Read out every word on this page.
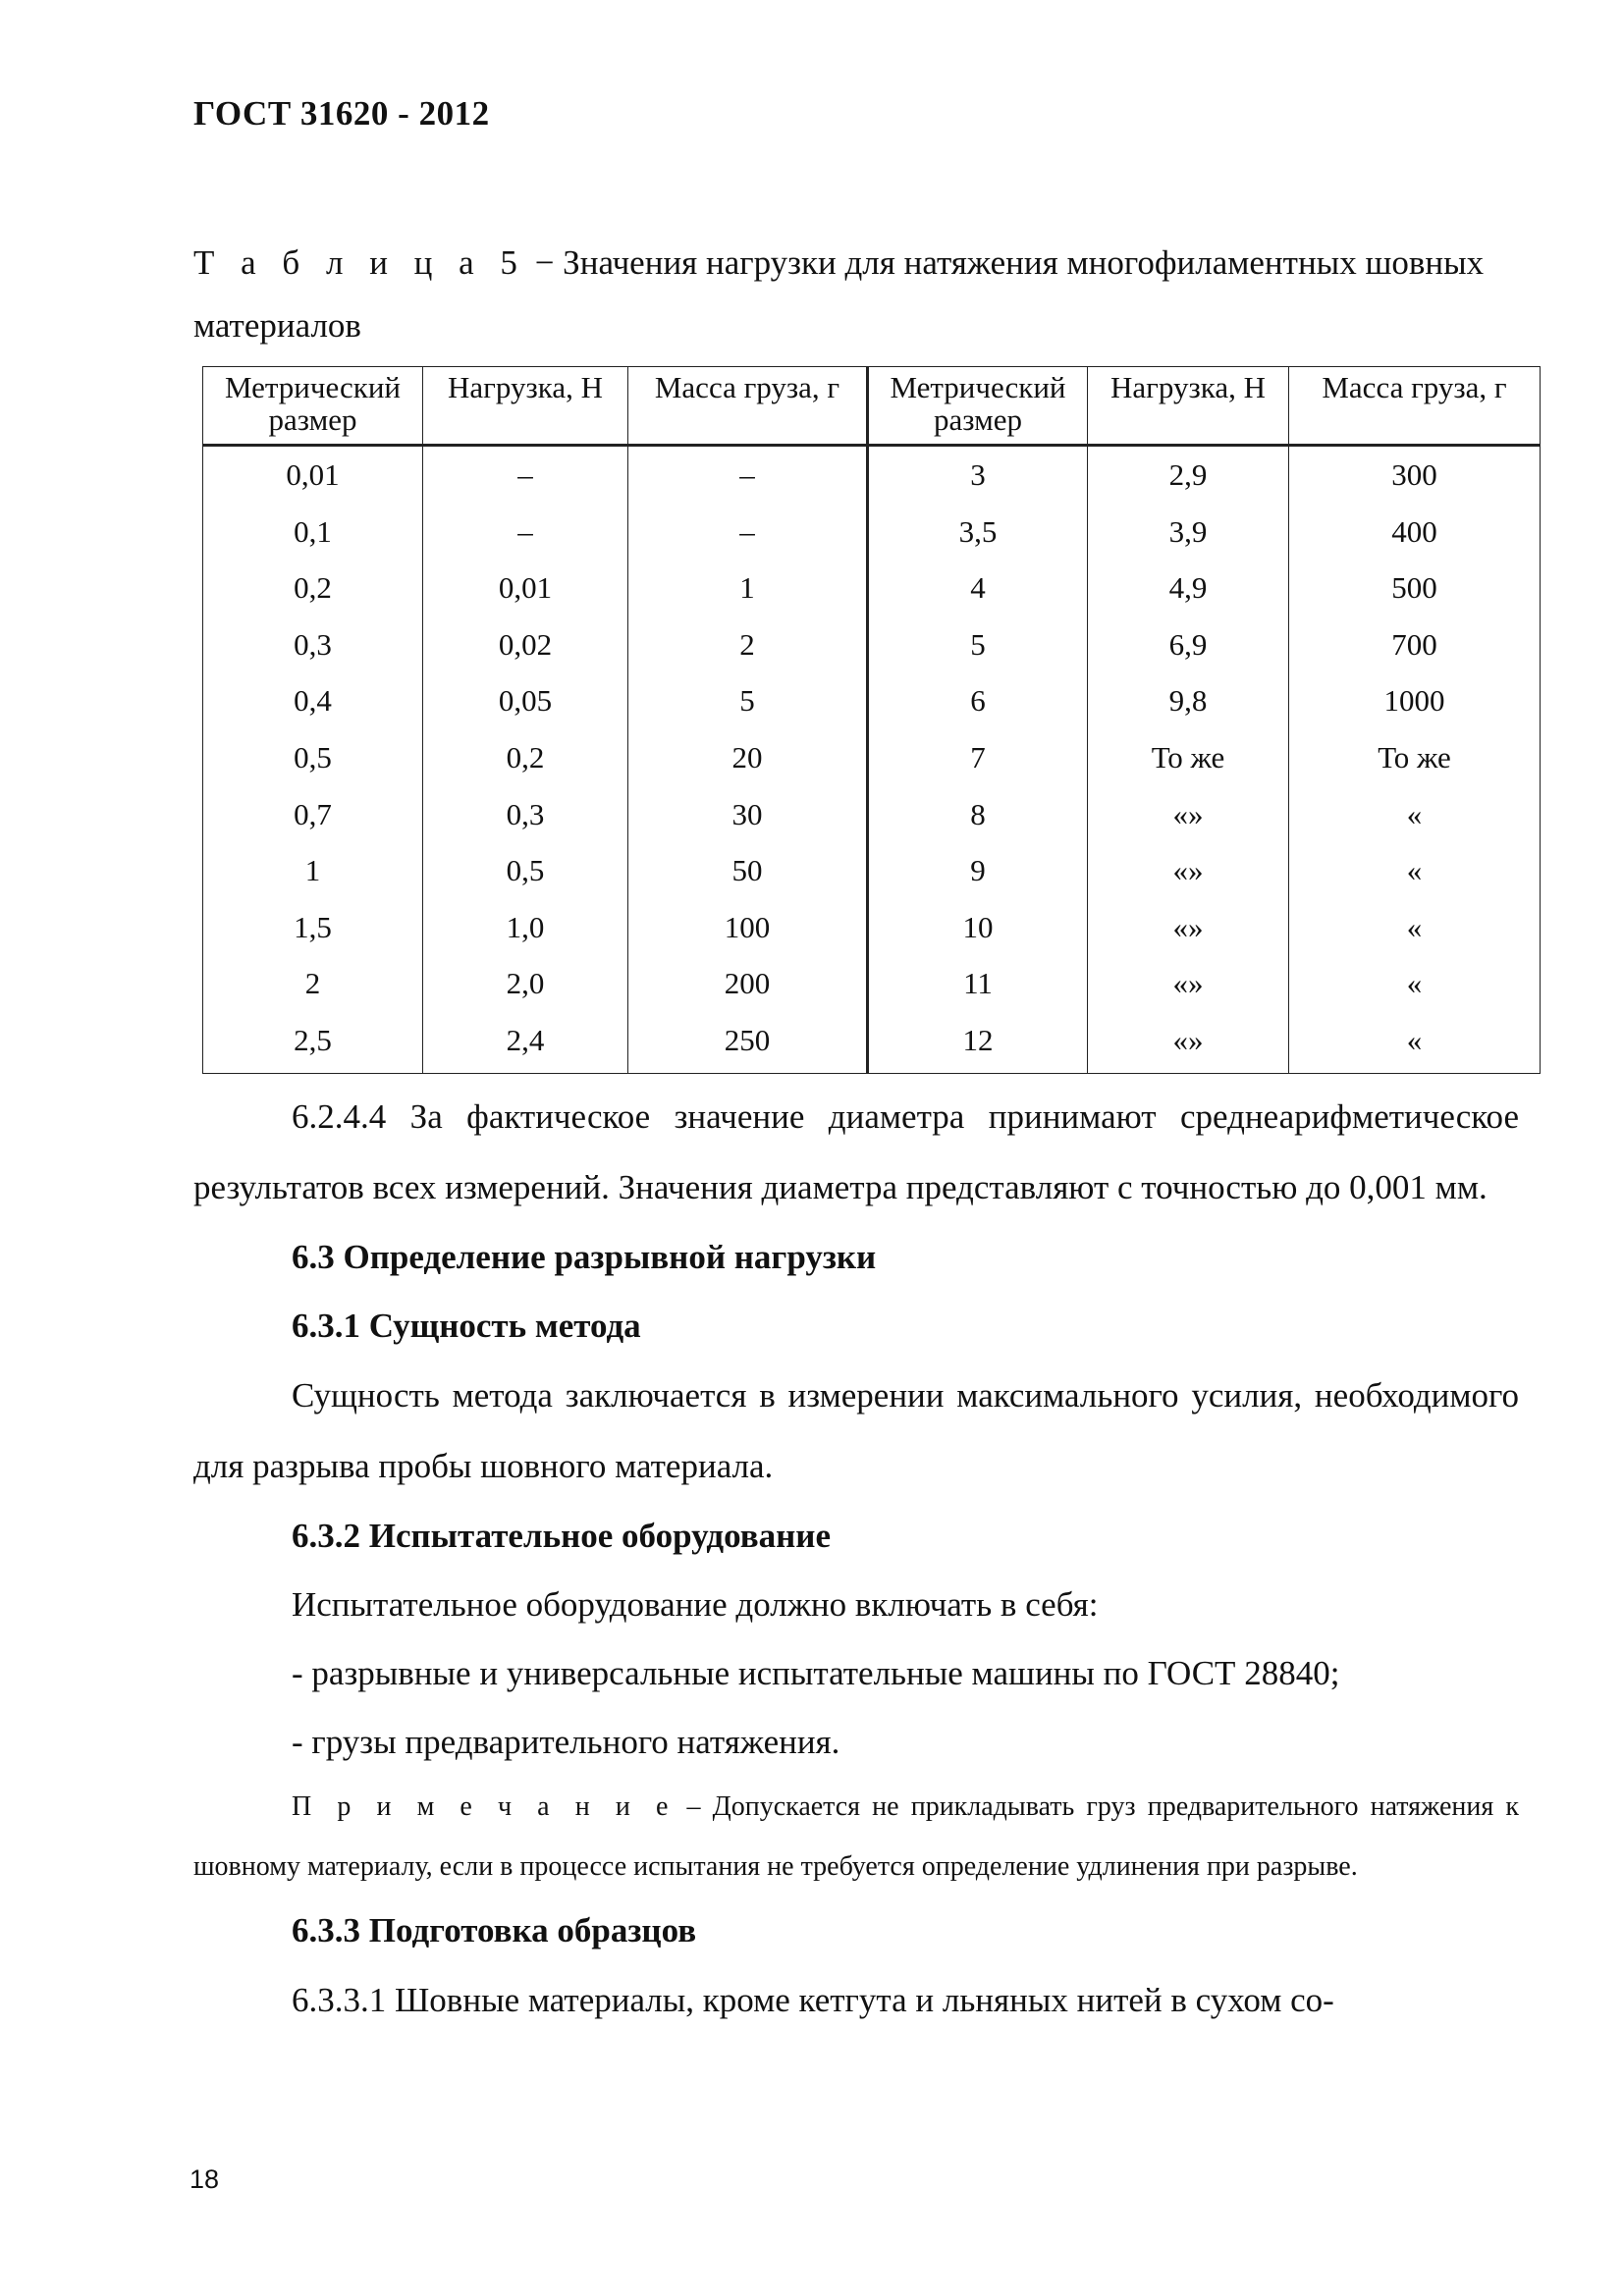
ГОСТ 31620 - 2012
Т а б л и ц а 5 − Значения нагрузки для натяжения многофиламентных шовных материалов
Метрический размер	Нагрузка, Н	Масса груза, г	Метрический размер	Нагрузка, Н	Масса груза, г
0,01	–	–	3	2,9	300
0,1	–	–	3,5	3,9	400
0,2	0,01	1	4	4,9	500
0,3	0,02	2	5	6,9	700
0,4	0,05	5	6	9,8	1000
0,5	0,2	20	7	То же	То же
0,7	0,3	30	8	«»	«
1	0,5	50	9	«»	«
1,5	1,0	100	10	«»	«
2	2,0	200	11	«»	«
2,5	2,4	250	12	«»	«

6.2.4.4 За фактическое значение диаметра принимают среднеарифметическое результатов всех измерений. Значения диаметра представляют с точностью до 0,001 мм.

6.3 Определение разрывной нагрузки

6.3.1 Сущность метода

Сущность метода заключается в измерении максимального усилия, необходимого для разрыва пробы шовного материала.

6.3.2 Испытательное оборудование

Испытательное оборудование должно включать в себя:

- разрывные и универсальные испытательные машины по ГОСТ 28840;

- грузы предварительного натяжения.

П р и м е ч а н и е – Допускается не прикладывать груз предварительного натяжения к шовному материалу, если в процессе испытания не требуется определение удлинения при разрыве.

6.3.3 Подготовка образцов

6.3.3.1 Шовные материалы, кроме кетгута и льняных нитей в сухом со-

18
